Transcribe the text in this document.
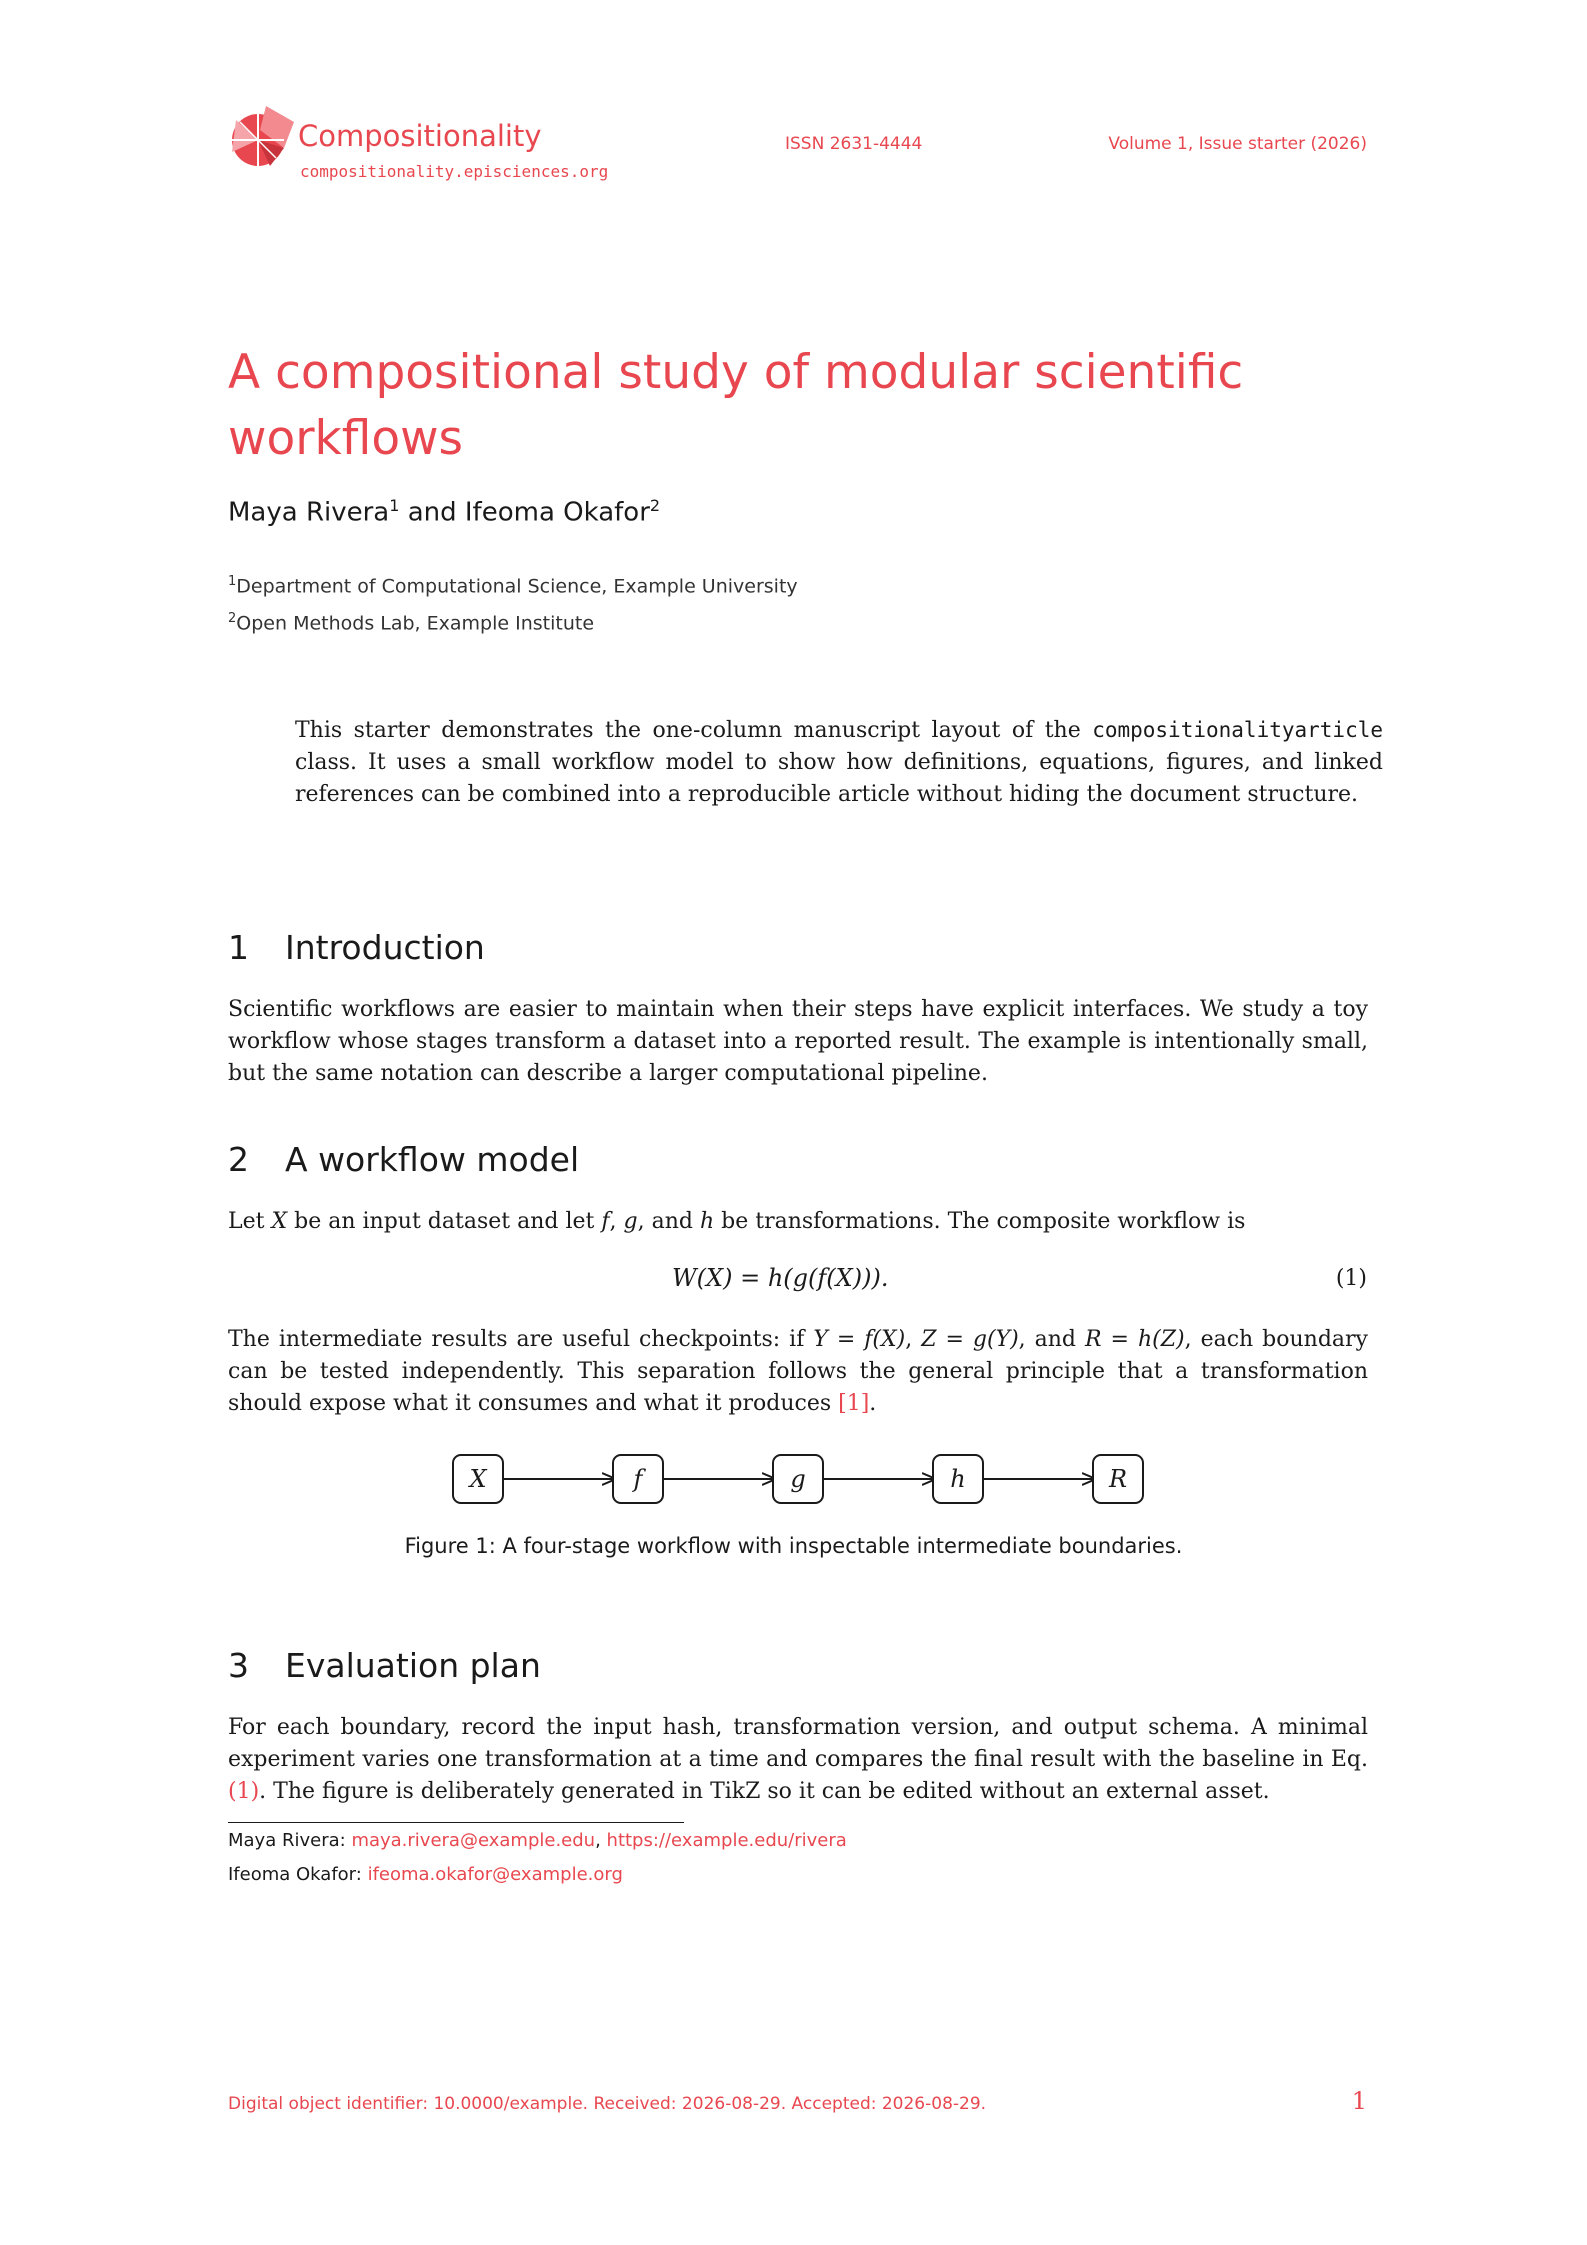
Compositionality
compositionality.episciences.org
ISSN 2631-4444	Volume 1, Issue starter (2026)
A compositional study of modular scientific workflows
Maya Rivera$^1$ and Ifeoma Okafor$^2$
$^1$Department of Computational Science, Example University
$^2$Open Methods Lab, Example Institute
This starter demonstrates the one-column manuscript layout of the compositionalityarticle class. It uses a small workflow model to show how definitions, equations, figures, and linked references can be combined into a reproducible article without hiding the document structure.
1 Introduction
Scientific workflows are easier to maintain when their steps have explicit interfaces. We study a toy workflow whose stages transform a dataset into a reported result. The example is intentionally small, but the same notation can describe a larger computational pipeline.
2 A workflow model
Let X be an input dataset and let f, g, and h be transformations. The composite workflow is
W(X) = h(g(f(X))).	(1)
The intermediate results are useful checkpoints: if Y = f(X), Z = g(Y), and R = h(Z), each boundary can be tested independently. This separation follows the general principle that a transformation should expose what it consumes and what it produces [1].
X	f	g	h	R
Figure 1: A four-stage workflow with inspectable intermediate boundaries.
3 Evaluation plan
For each boundary, record the input hash, transformation version, and output schema. A minimal experiment varies one transformation at a time and compares the final result with the baseline in Eq. (1). The figure is deliberately generated in TikZ so it can be edited without an external asset.
Maya Rivera: maya.rivera@example.edu, https://example.edu/rivera
Ifeoma Okafor: ifeoma.okafor@example.org
Digital object identifier: 10.0000/example. Received: 2026-08-29. Accepted: 2026-08-29.	1
